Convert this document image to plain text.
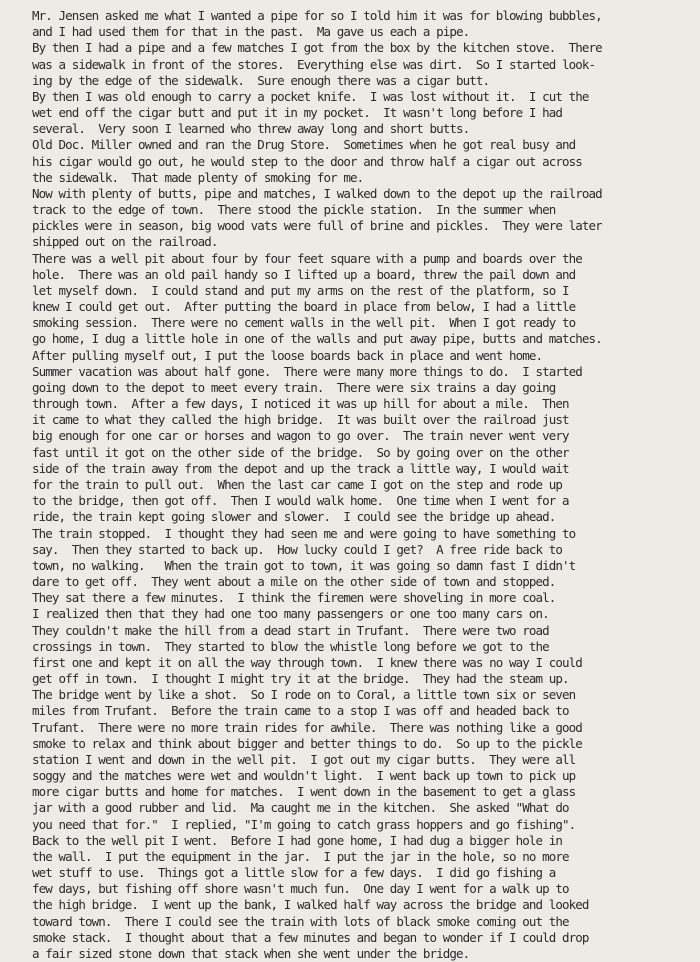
Mr. Jensen asked me what I wanted a pipe for so I told him it was for blowing bubbles,
and I had used them for that in the past.  Ma gave us each a pipe.
By then I had a pipe and a few matches I got from the box by the kitchen stove.  There
was a sidewalk in front of the stores.  Everything else was dirt.  So I started look-
ing by the edge of the sidewalk.  Sure enough there was a cigar butt.
By then I was old enough to carry a pocket knife.  I was lost without it.  I cut the
wet end off the cigar butt and put it in my pocket.  It wasn't long before I had
several.  Very soon I learned who threw away long and short butts.
Old Doc. Miller owned and ran the Drug Store.  Sometimes when he got real busy and
his cigar would go out, he would step to the door and throw half a cigar out across
the sidewalk.  That made plenty of smoking for me.
Now with plenty of butts, pipe and matches, I walked down to the depot up the railroad
track to the edge of town.  There stood the pickle station.  In the summer when
pickles were in season, big wood vats were full of brine and pickles.  They were later
shipped out on the railroad.
There was a well pit about four by four feet square with a pump and boards over the
hole.  There was an old pail handy so I lifted up a board, threw the pail down and
let myself down.  I could stand and put my arms on the rest of the platform, so I
knew I could get out.  After putting the board in place from below, I had a little
smoking session.  There were no cement walls in the well pit.  When I got ready to
go home, I dug a little hole in one of the walls and put away pipe, butts and matches.
After pulling myself out, I put the loose boards back in place and went home.
Summer vacation was about half gone.  There were many more things to do.  I started
going down to the depot to meet every train.  There were six trains a day going
through town.  After a few days, I noticed it was up hill for about a mile.  Then
it came to what they called the high bridge.  It was built over the railroad just
big enough for one car or horses and wagon to go over.  The train never went very
fast until it got on the other side of the bridge.  So by going over on the other
side of the train away from the depot and up the track a little way, I would wait
for the train to pull out.  When the last car came I got on the step and rode up
to the bridge, then got off.  Then I would walk home.  One time when I went for a
ride, the train kept going slower and slower.  I could see the bridge up ahead.
The train stopped.  I thought they had seen me and were going to have something to
say.  Then they started to back up.  How lucky could I get?  A free ride back to
town, no walking.   When the train got to town, it was going so damn fast I didn't
dare to get off.  They went about a mile on the other side of town and stopped.
They sat there a few minutes.  I think the firemen were shoveling in more coal.
I realized then that they had one too many passengers or one too many cars on.
They couldn't make the hill from a dead start in Trufant.  There were two road
crossings in town.  They started to blow the whistle long before we got to the
first one and kept it on all the way through town.  I knew there was no way I could
get off in town.  I thought I might try it at the bridge.  They had the steam up.
The bridge went by like a shot.  So I rode on to Coral, a little town six or seven
miles from Trufant.  Before the train came to a stop I was off and headed back to
Trufant.  There were no more train rides for awhile.  There was nothing like a good
smoke to relax and think about bigger and better things to do.  So up to the pickle
station I went and down in the well pit.  I got out my cigar butts.  They were all
soggy and the matches were wet and wouldn't light.  I went back up town to pick up
more cigar butts and home for matches.  I went down in the basement to get a glass
jar with a good rubber and lid.  Ma caught me in the kitchen.  She asked "What do
you need that for."  I replied, "I'm going to catch grass hoppers and go fishing".
Back to the well pit I went.  Before I had gone home, I had dug a bigger hole in
the wall.  I put the equipment in the jar.  I put the jar in the hole, so no more
wet stuff to use.  Things got a little slow for a few days.  I did go fishing a
few days, but fishing off shore wasn't much fun.  One day I went for a walk up to
the high bridge.  I went up the bank, I walked half way across the bridge and looked
toward town.  There I could see the train with lots of black smoke coming out the
smoke stack.  I thought about that a few minutes and began to wonder if I could drop
a fair sized stone down that stack when she went under the bridge.
